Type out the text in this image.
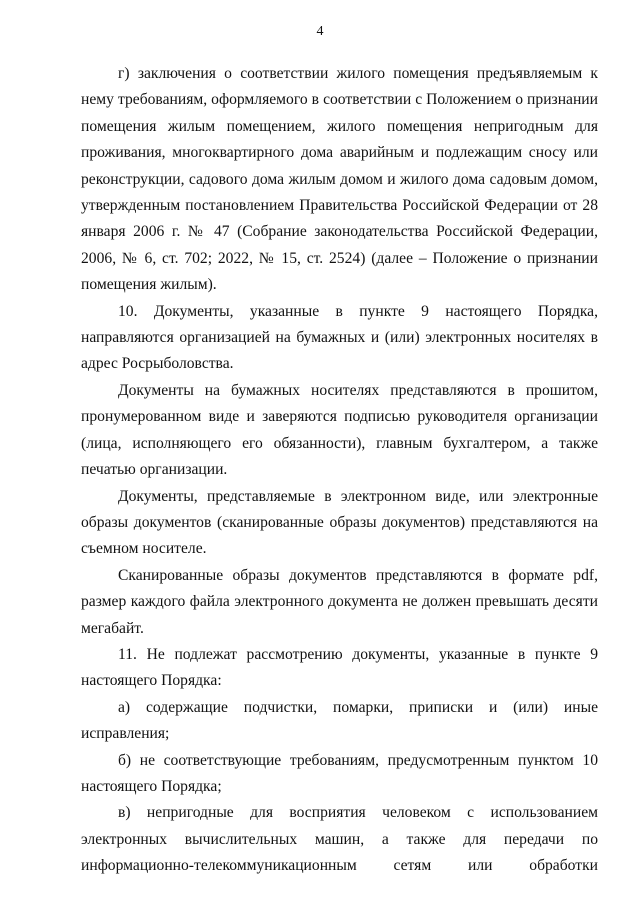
4

г) заключения о соответствии жилого помещения предъявляемым к нему требованиям, оформляемого в соответствии с Положением о признании помещения жилым помещением, жилого помещения непригодным для проживания, многоквартирного дома аварийным и подлежащим сносу или реконструкции, садового дома жилым домом и жилого дома садовым домом, утвержденным постановлением Правительства Российской Федерации от 28 января 2006 г. № 47 (Собрание законодательства Российской Федерации, 2006, № 6, ст. 702; 2022, № 15, ст. 2524) (далее – Положение о признании помещения жилым).

10. Документы, указанные в пункте 9 настоящего Порядка, направляются организацией на бумажных и (или) электронных носителях в адрес Росрыболовства.

Документы на бумажных носителях представляются в прошитом, пронумерованном виде и заверяются подписью руководителя организации (лица, исполняющего его обязанности), главным бухгалтером, а также печатью организации.

Документы, представляемые в электронном виде, или электронные образы документов (сканированные образы документов) представляются на съемном носителе.

Сканированные образы документов представляются в формате pdf, размер каждого файла электронного документа не должен превышать десяти мегабайт.

11. Не подлежат рассмотрению документы, указанные в пункте 9 настоящего Порядка:

а) содержащие подчистки, помарки, приписки и (или) иные исправления;

б) не соответствующие требованиям, предусмотренным пунктом 10 настоящего Порядка;

в) непригодные для восприятия человеком с использованием электронных вычислительных машин, а также для передачи по информационно-телекоммуникационным сетям или обработки
